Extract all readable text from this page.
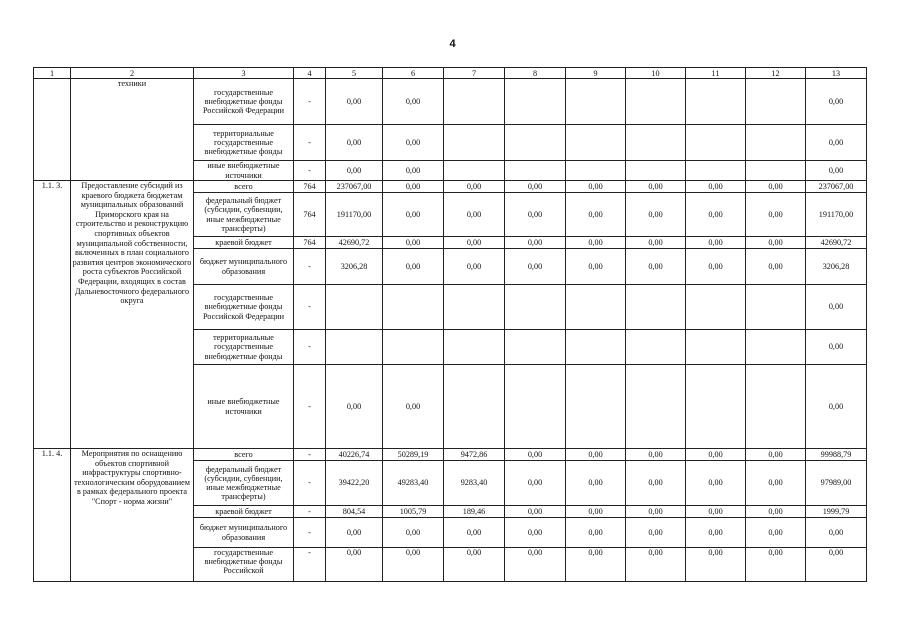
4
1	2	3	4	5	6	7	8	9	10	11	12	13
	техники	государственные внебюджетные фонды Российской Федерации	-	0,00	0,00							0,00
		территориальные государственные внебюджетные фонды	-	0,00	0,00							0,00
		иные внебюджетные источники	-	0,00	0,00							0,00
1.1. 3.	Предоставление субсидий из краевого бюджета бюджетам муниципальных образований Приморского края на строительство и реконструкцию спортивных объектов муниципальной собственности, включенных в план социального развития центров экономического роста субъектов Российской Федерации, входящих в состав Дальневосточного федерального округа	всего	764	237067,00	0,00	0,00	0,00	0,00	0,00	0,00	0,00	237067,00
		федеральный бюджет (субсидии, субвенции, иные межбюджетные трансферты)	764	191170,00	0,00	0,00	0,00	0,00	0,00	0,00	0,00	191170,00
		краевой бюджет	764	42690,72	0,00	0,00	0,00	0,00	0,00	0,00	0,00	42690,72
		бюджет муниципального образования	-	3206,28	0,00	0,00	0,00	0,00	0,00	0,00	0,00	3206,28
		государственные внебюджетные фонды Российской Федерации	-									0,00
		территориальные государственные внебюджетные фонды	-									0,00
		иные внебюджетные источники	-	0,00	0,00							0,00
1.1. 4.	Мероприятия по оснащению объектов спортивной инфраструктуры спортивно-технологическим оборудованием в рамках федерального проекта "Спорт - норма жизни"	всего	-	40226,74	50289,19	9472,86	0,00	0,00	0,00	0,00	0,00	99988,79
		федеральный бюджет (субсидии, субвенции, иные межбюджетные трансферты)	-	39422,20	49283,40	9283,40	0,00	0,00	0,00	0,00	0,00	97989,00
		краевой бюджет	-	804,54	1005,79	189,46	0,00	0,00	0,00	0,00	0,00	1999,79
		бюджет муниципального образования	-	0,00	0,00	0,00	0,00	0,00	0,00	0,00	0,00	0,00
		государственные внебюджетные фонды Российской	-	0,00	0,00	0,00	0,00	0,00	0,00	0,00	0,00	0,00
